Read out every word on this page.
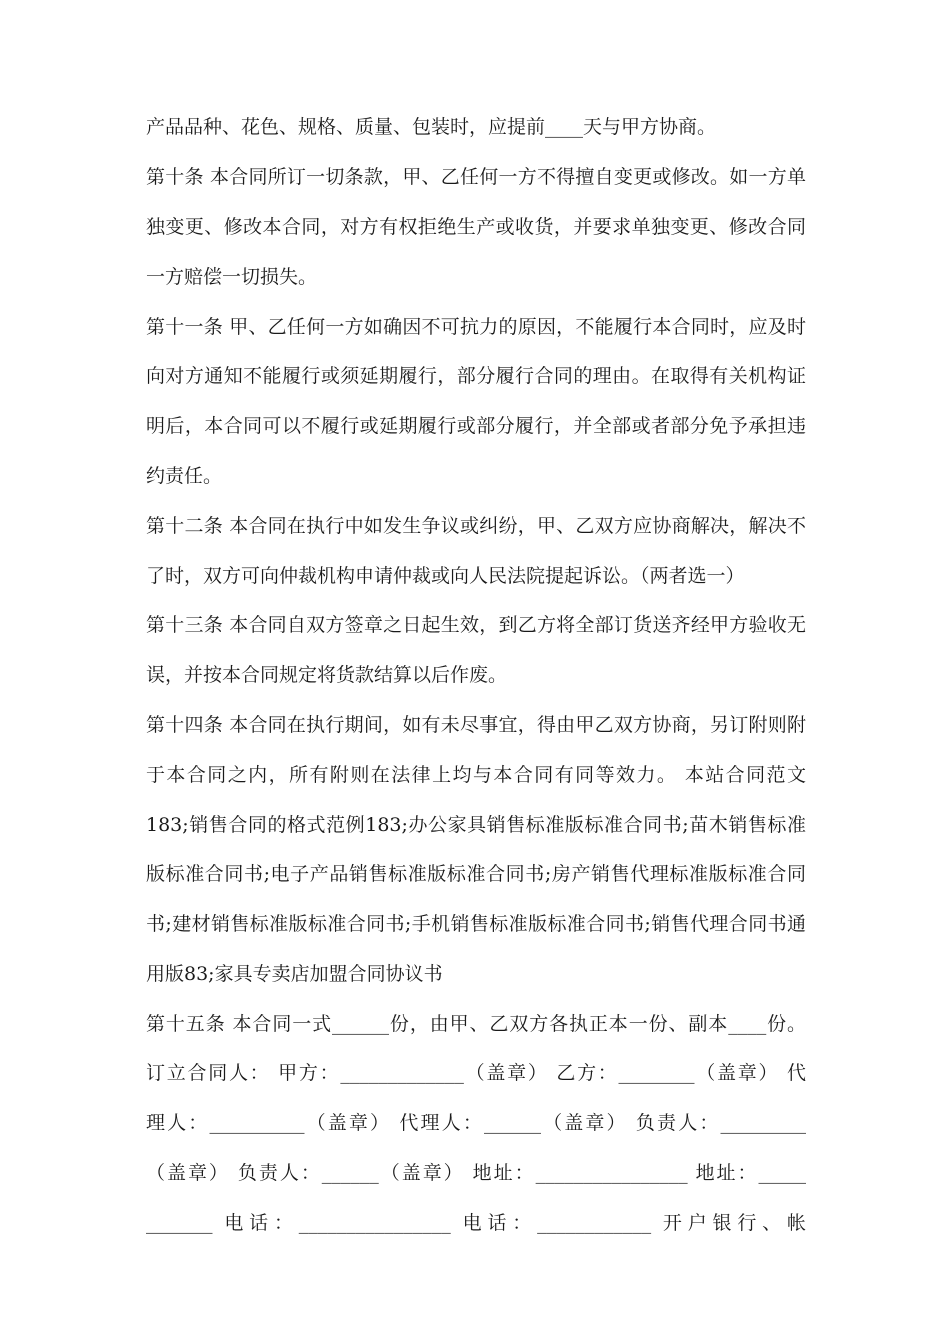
产品品种、花色、规格、质量、包装时，应提前____天与甲方协商。
第十条 本合同所订一切条款，甲、乙任何一方不得擅自变更或修改。如一方单
独变更、修改本合同，对方有权拒绝生产或收货，并要求单独变更、修改合同
一方赔偿一切损失。
第十一条 甲、乙任何一方如确因不可抗力的原因，不能履行本合同时，应及时
向对方通知不能履行或须延期履行，部分履行合同的理由。在取得有关机构证
明后，本合同可以不履行或延期履行或部分履行，并全部或者部分免予承担违
约责任。
第十二条 本合同在执行中如发生争议或纠纷，甲、乙双方应协商解决，解决不
了时，双方可向仲裁机构申请仲裁或向人民法院提起诉讼。（两者选一）
第十三条 本合同自双方签章之日起生效，到乙方将全部订货送齐经甲方验收无
误，并按本合同规定将货款结算以后作废。
第十四条 本合同在执行期间，如有未尽事宜，得由甲乙双方协商，另订附则附
于本合同之内，所有附则在法律上均与本合同有同等效力。 本站合同范文
183;销售合同的格式范例183;办公家具销售标准版标准合同书;苗木销售标准
版标准合同书;电子产品销售标准版标准合同书;房产销售代理标准版标准合同
书;建材销售标准版标准合同书;手机销售标准版标准合同书;销售代理合同书通
用版83;家具专卖店加盟合同协议书
第十五条 本合同一式______份，由甲、乙双方各执正本一份、副本____份。
订立合同人： 甲方：_____________（盖章） 乙方：________（盖章） 代
理人：__________（盖章） 代理人：______（盖章） 负责人：_________
（盖章） 负责人：______（盖章） 地址：________________ 地址：_____
_______ 电话：________________ 电话：____________ 开户银行、帐
